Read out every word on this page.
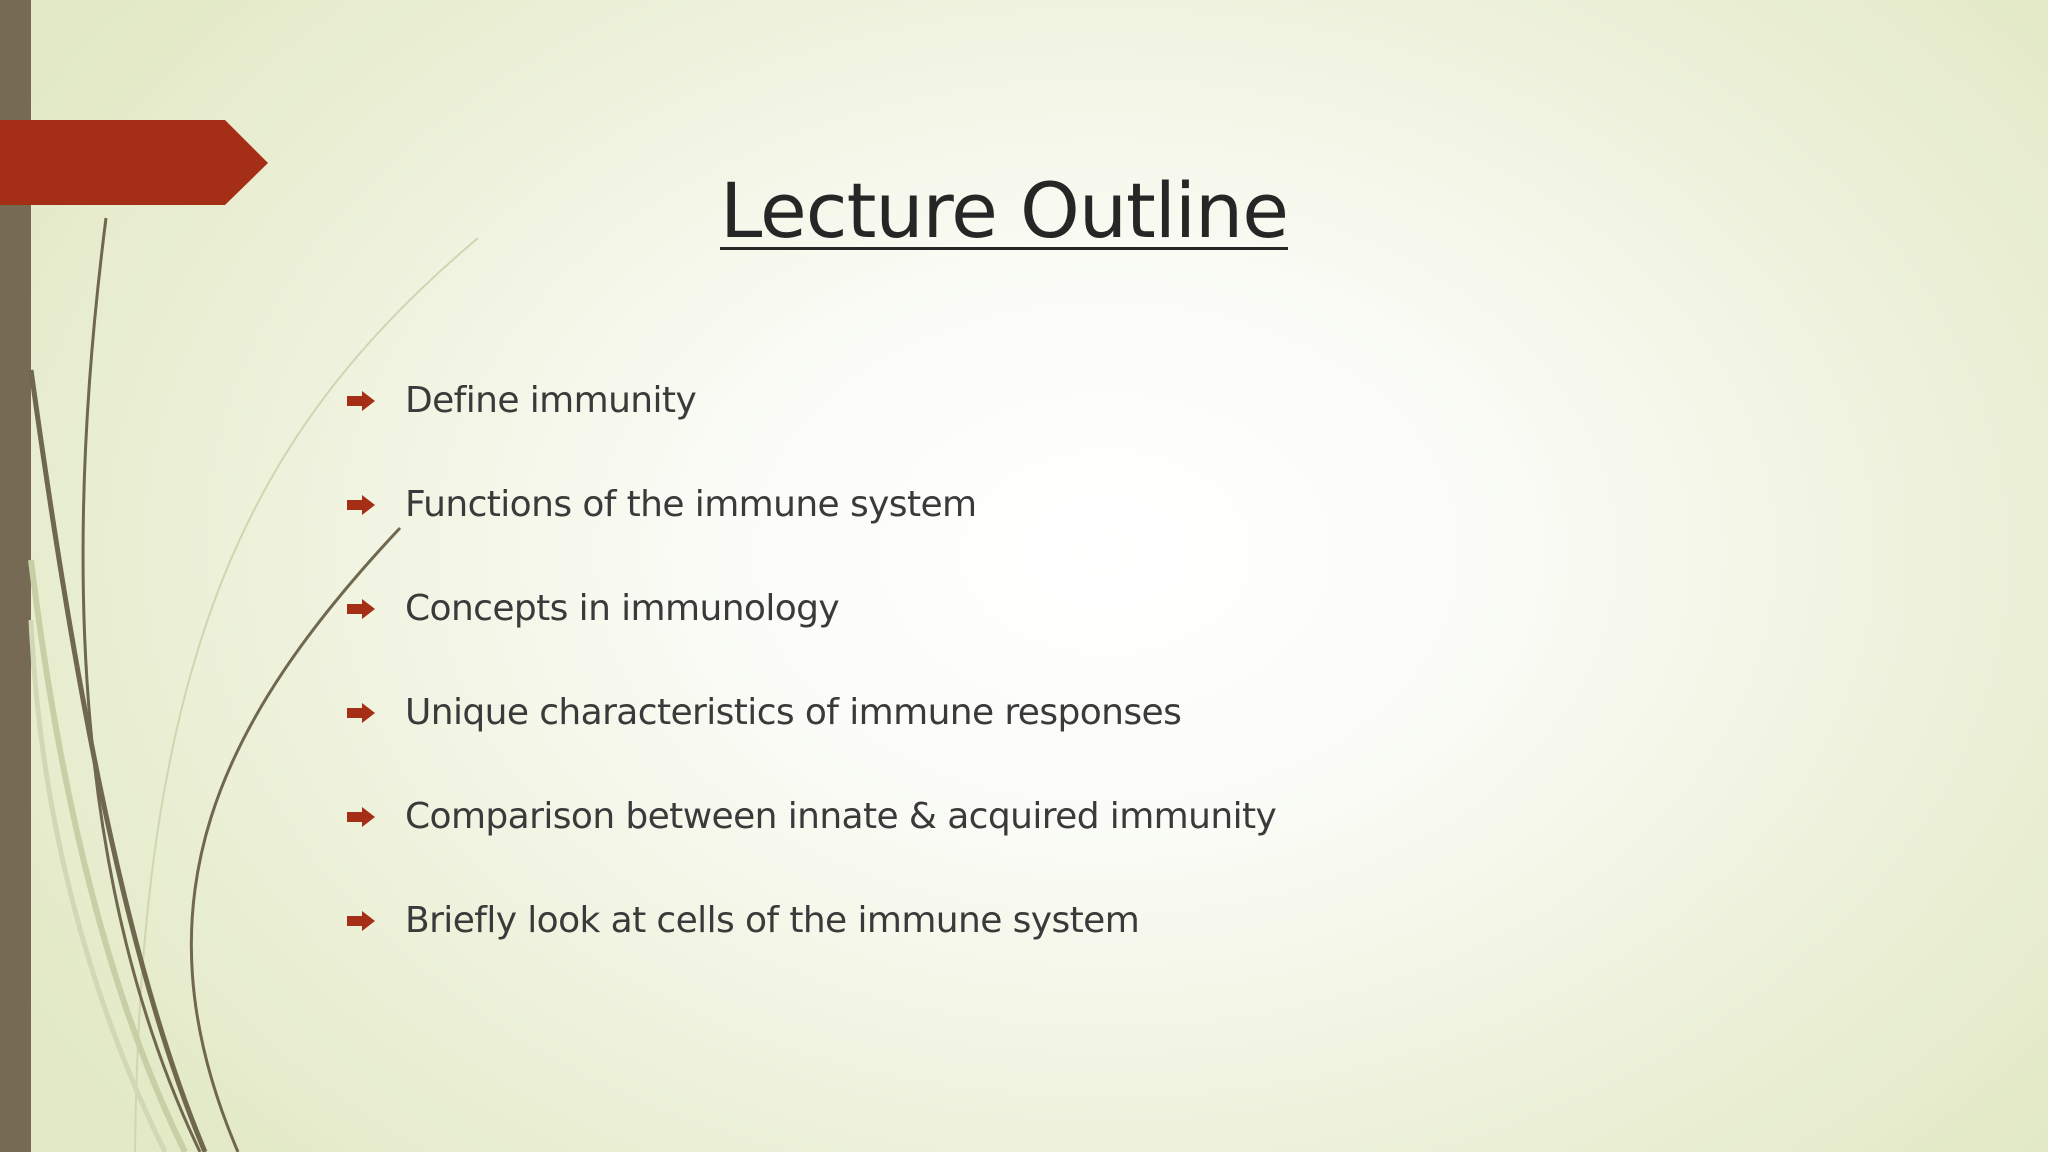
Lecture Outline
Define immunity
Functions of the immune system
Concepts in immunology
Unique characteristics of immune responses
Comparison between innate & acquired immunity
Briefly look at cells of the immune system
